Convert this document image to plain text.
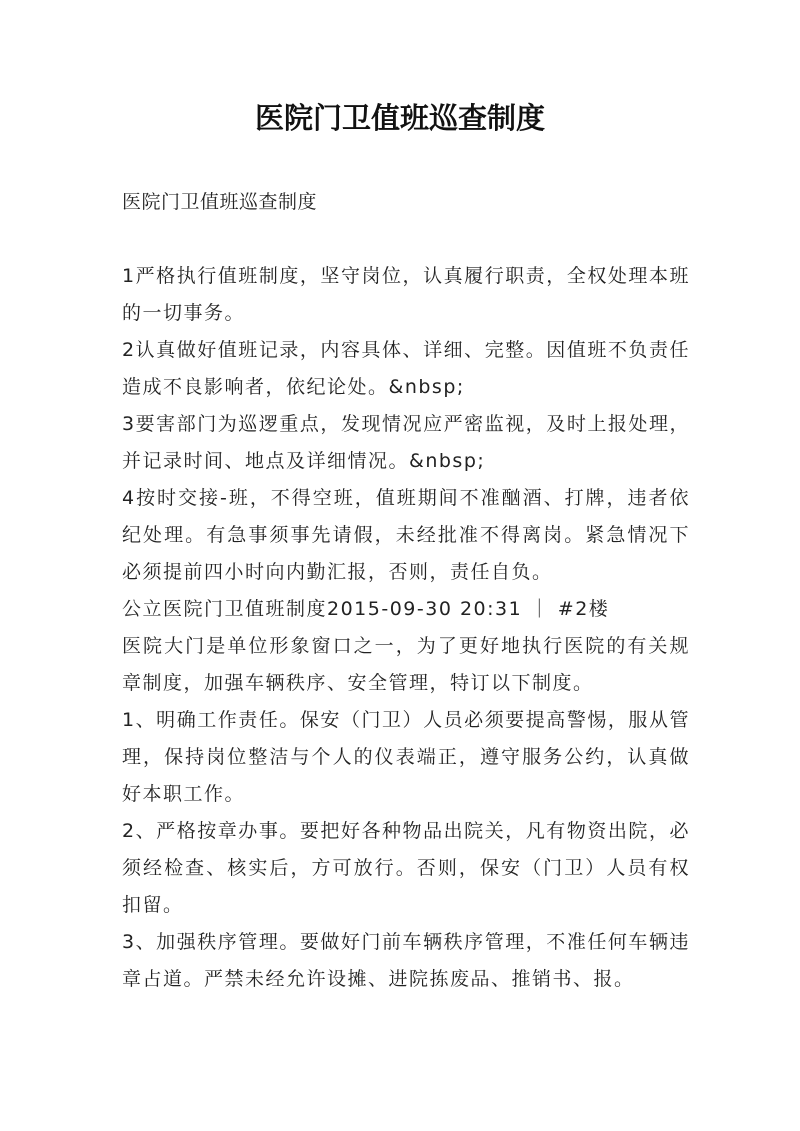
医院门卫值班巡查制度

医院门卫值班巡查制度

1严格执行值班制度，坚守岗位，认真履行职责，全权处理本班的一切事务。

2认真做好值班记录，内容具体、详细、完整。因值班不负责任造成不良影响者，依纪论处。&nbsp;

3要害部门为巡逻重点，发现情况应严密监视，及时上报处理，并记录时间、地点及详细情况。&nbsp;

4按时交接-班，不得空班，值班期间不准酗酒、打牌，违者依纪处理。有急事须事先请假，未经批准不得离岗。紧急情况下必须提前四小时向内勤汇报，否则，责任自负。

公立医院门卫值班制度2015-09-30 20:31 ｜ #2楼

医院大门是单位形象窗口之一，为了更好地执行医院的有关规章制度，加强车辆秩序、安全管理，特订以下制度。

1、明确工作责任。保安（门卫）人员必须要提高警惕，服从管理，保持岗位整洁与个人的仪表端正，遵守服务公约，认真做好本职工作。

2、严格按章办事。要把好各种物品出院关，凡有物资出院，必须经检查、核实后，方可放行。否则，保安（门卫）人员有权扣留。

3、加强秩序管理。要做好门前车辆秩序管理，不准任何车辆违章占道。严禁未经允许设摊、进院拣废品、推销书、报。
